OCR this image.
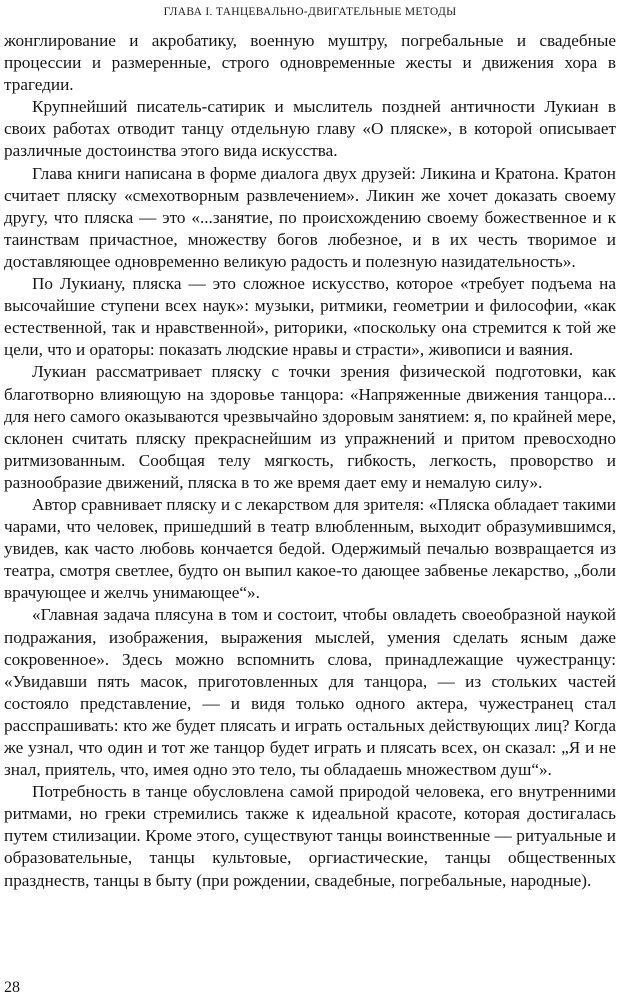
ГЛАВА I. ТАНЦЕВАЛЬНО-ДВИГАТЕЛЬНЫЕ МЕТОДЫ

жонглирование и акробатику, военную муштру, погребальные и свадебные процессии и размеренные, строго одновременные жесты и движения хора в трагедии.

Крупнейший писатель-сатирик и мыслитель поздней античности Лукиан в своих работах отводит танцу отдельную главу «О пляске», в которой описывает различные достоинства этого вида искусства.

Глава книги написана в форме диалога двух друзей: Ликина и Кратона. Кратон считает пляску «смехотворным развлечением». Ликин же хочет доказать своему другу, что пляска — это «...занятие, по происхождению своему божественное и к таинствам причастное, множеству богов любезное, и в их честь творимое и доставляющее одновременно великую радость и полезную назидательность».

По Лукиану, пляска — это сложное искусство, которое «требует подъема на высочайшие ступени всех наук»: музыки, ритмики, геометрии и философии, «как естественной, так и нравственной», риторики, «поскольку она стремится к той же цели, что и ораторы: показать людские нравы и страсти», живописи и ваяния.

Лукиан рассматривает пляску с точки зрения физической подготовки, как благотворно влияющую на здоровье танцора: «Напряженные движения танцора... для него самого оказываются чрезвычайно здоровым занятием: я, по крайней мере, склонен считать пляску прекраснейшим из упражнений и притом превосходно ритмизованным. Сообщая телу мягкость, гибкость, легкость, проворство и разнообразие движений, пляска в то же время дает ему и немалую силу».

Автор сравнивает пляску и с лекарством для зрителя: «Пляска обладает такими чарами, что человек, пришедший в театр влюбленным, выходит образумившимся, увидев, как часто любовь кончается бедой. Одержимый печалью возвращается из театра, смотря светлее, будто он выпил какое-то дающее забвенье лекарство, „боли врачующее и желчь унимающее“».

«Главная задача плясуна в том и состоит, чтобы овладеть своеобразной наукой подражания, изображения, выражения мыслей, умения сделать ясным даже сокровенное». Здесь можно вспомнить слова, принадлежащие чужестранцу: «Увидавши пять масок, приготовленных для танцора, — из стольких частей состояло представление, — и видя только одного актера, чужестранец стал расспрашивать: кто же будет плясать и играть остальных действующих лиц? Когда же узнал, что один и тот же танцор будет играть и плясать всех, он сказал: „Я и не знал, приятель, что, имея одно это тело, ты обладаешь множеством душ“».

Потребность в танце обусловлена самой природой человека, его внутренними ритмами, но греки стремились также к идеальной красоте, которая достигалась путем стилизации. Кроме этого, существуют танцы воинственные — ритуальные и образовательные, танцы культовые, оргиастические, танцы общественных празднеств, танцы в быту (при рождении, свадебные, погребальные, народные).

28
